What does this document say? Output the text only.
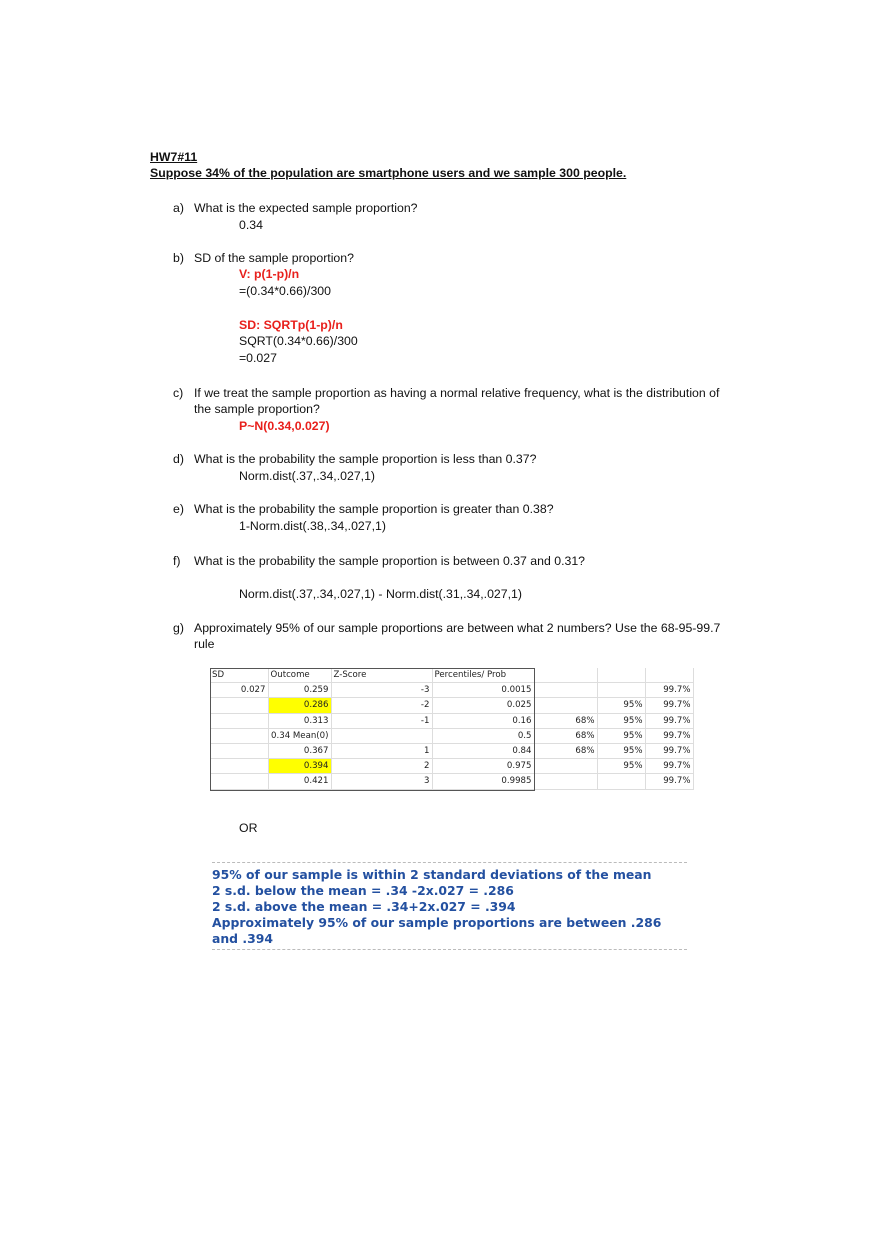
HW7#11
Suppose 34% of the population are smartphone users and we sample 300 people.
a) What is the expected sample proportion?
0.34
b) SD of the sample proportion?
V: p(1-p)/n
=(0.34*0.66)/300
SD: SQRTp(1-p)/n
SQRT(0.34*0.66)/300
=0.027
c) If we treat the sample proportion as having a normal relative frequency, what is the distribution of
the sample proportion?
P~N(0.34,0.027)
d) What is the probability the sample proportion is less than 0.37?
Norm.dist(.37,.34,.027,1)
e) What is the probability the sample proportion is greater than 0.38?
1-Norm.dist(.38,.34,.027,1)
f) What is the probability the sample proportion is between 0.37 and 0.31?
Norm.dist(.37,.34,.027,1) - Norm.dist(.31,.34,.027,1)
g) Approximately 95% of our sample proportions are between what 2 numbers? Use the 68-95-99.7
rule
SD	Outcome	Z-Score	Percentiles/ Prob			
0.027	0.259	-3	0.0015			99.7%
	0.286	-2	0.025		95%	99.7%
	0.313	-1	0.16	68%	95%	99.7%
	0.34 Mean(0)		0.5	68%	95%	99.7%
	0.367	1	0.84	68%	95%	99.7%
	0.394	2	0.975		95%	99.7%
	0.421	3	0.9985			99.7%
OR
95% of our sample is within 2 standard deviations of the mean
2 s.d. below the mean = .34 -2x.027 = .286
2 s.d. above the mean = .34+2x.027 = .394
Approximately 95% of our sample proportions are between .286
and .394
